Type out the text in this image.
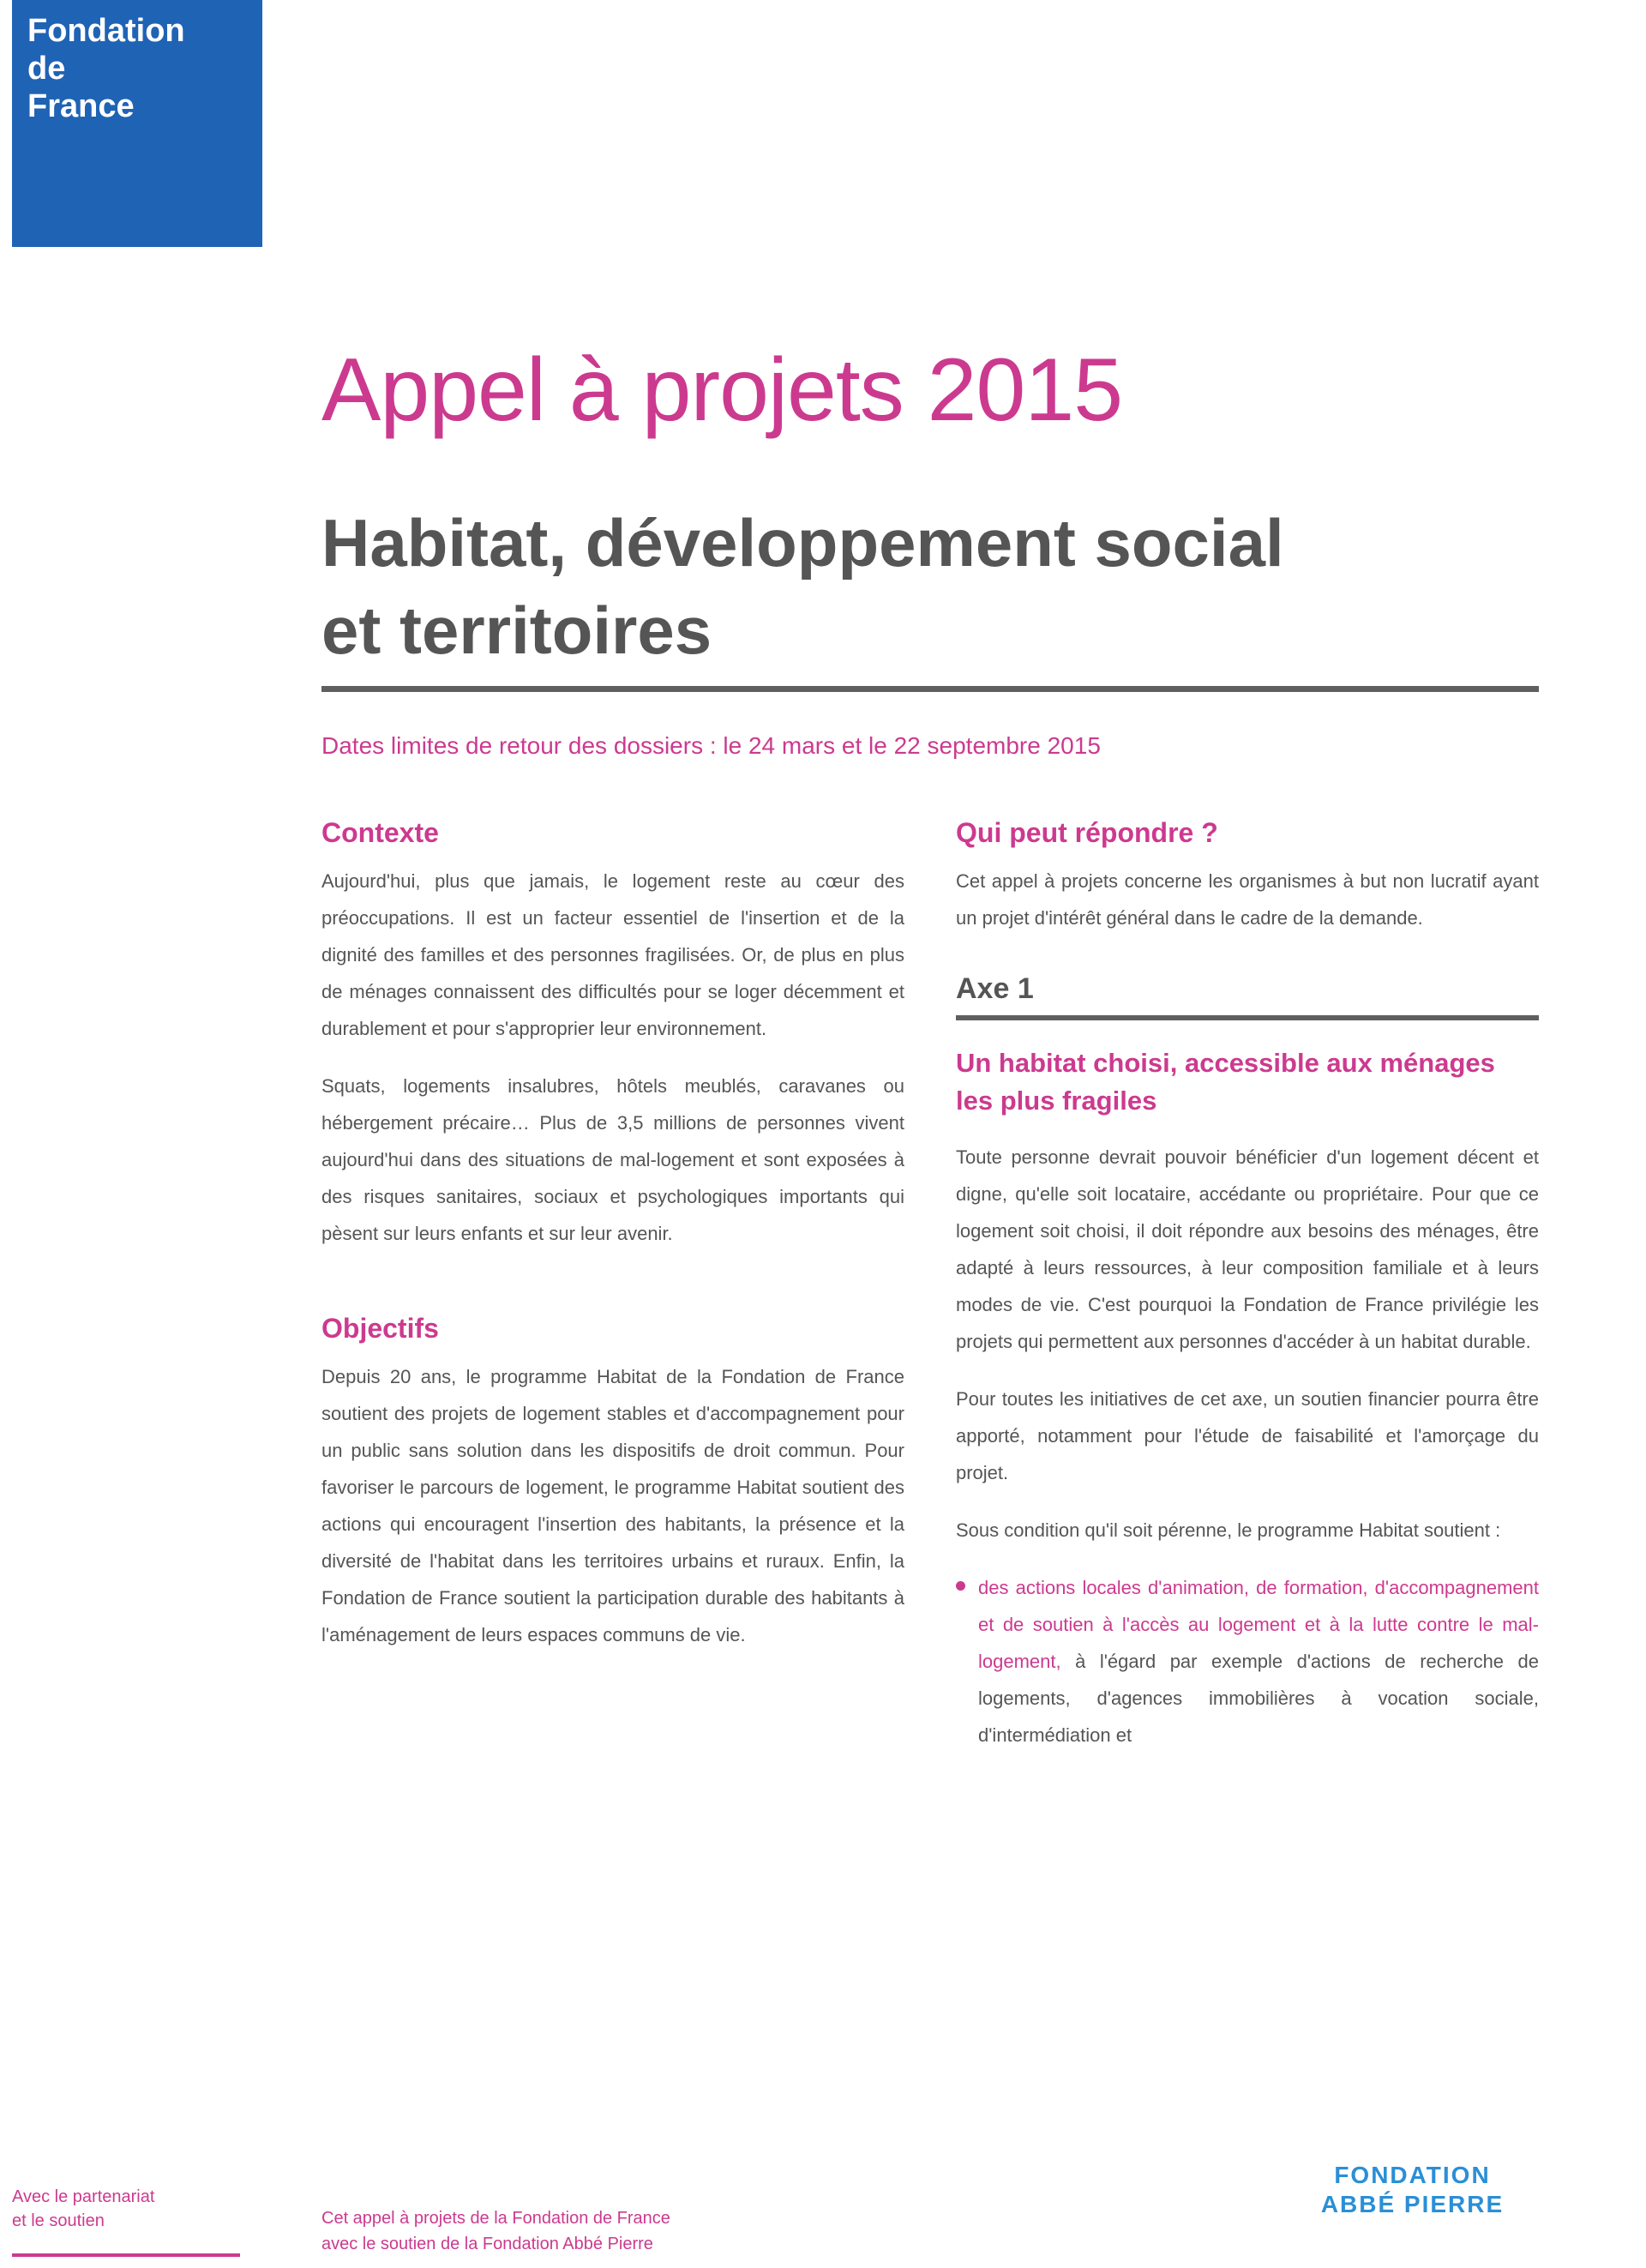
Fondation
de
France
Appel à projets 2015
Habitat, développement social
et territoires
Dates limites de retour des dossiers : le 24 mars et le 22 septembre 2015
Contexte

Aujourd'hui, plus que jamais, le logement reste au cœur des préoccupations. Il est un facteur essentiel de l'insertion et de la dignité des familles et des personnes fragilisées. Or, de plus en plus de ménages connaissent des difficultés pour se loger décemment et durablement et pour s'approprier leur environnement.

Squats, logements insalubres, hôtels meublés, caravanes ou hébergement précaire… Plus de 3,5 millions de personnes vivent aujourd'hui dans des situations de mal-logement et sont exposées à des risques sanitaires, sociaux et psychologiques importants qui pèsent sur leurs enfants et sur leur avenir.

Objectifs

Depuis 20 ans, le programme Habitat de la Fondation de France soutient des projets de logement stables et d'accompagnement pour un public sans solution dans les dispositifs de droit commun. Pour favoriser le parcours de logement, le programme Habitat soutient des actions qui encouragent l'insertion des habitants, la présence et la diversité de l'habitat dans les territoires urbains et ruraux. Enfin, la Fondation de France soutient la participation durable des habitants à l'aménagement de leurs espaces communs de vie.

Qui peut répondre ?

Cet appel à projets concerne les organismes à but non lucratif ayant un projet d'intérêt général dans le cadre de la demande.

Axe 1
Un habitat choisi, accessible aux ménages les plus fragiles

Toute personne devrait pouvoir bénéficier d'un logement décent et digne, qu'elle soit locataire, accédante ou propriétaire. Pour que ce logement soit choisi, il doit répondre aux besoins des ménages, être adapté à leurs ressources, à leur composition familiale et à leurs modes de vie. C'est pourquoi la Fondation de France privilégie les projets qui permettent aux personnes d'accéder à un habitat durable.

Pour toutes les initiatives de cet axe, un soutien financier pourra être apporté, notamment pour l'étude de faisabilité et l'amorçage du projet.

Sous condition qu'il soit pérenne, le programme Habitat soutient :

des actions locales d'animation, de formation, d'accompagnement et de soutien à l'accès au logement et à la lutte contre le mal-logement, à l'égard par exemple d'actions de recherche de logements, d'agences immobilières à vocation sociale, d'intermédiation et

Avec le partenariat
et le soutien	Cet appel à projets de la Fondation de France
avec le soutien de la Fondation Abbé Pierre
FONDATION
ABBÉ PIERRE
